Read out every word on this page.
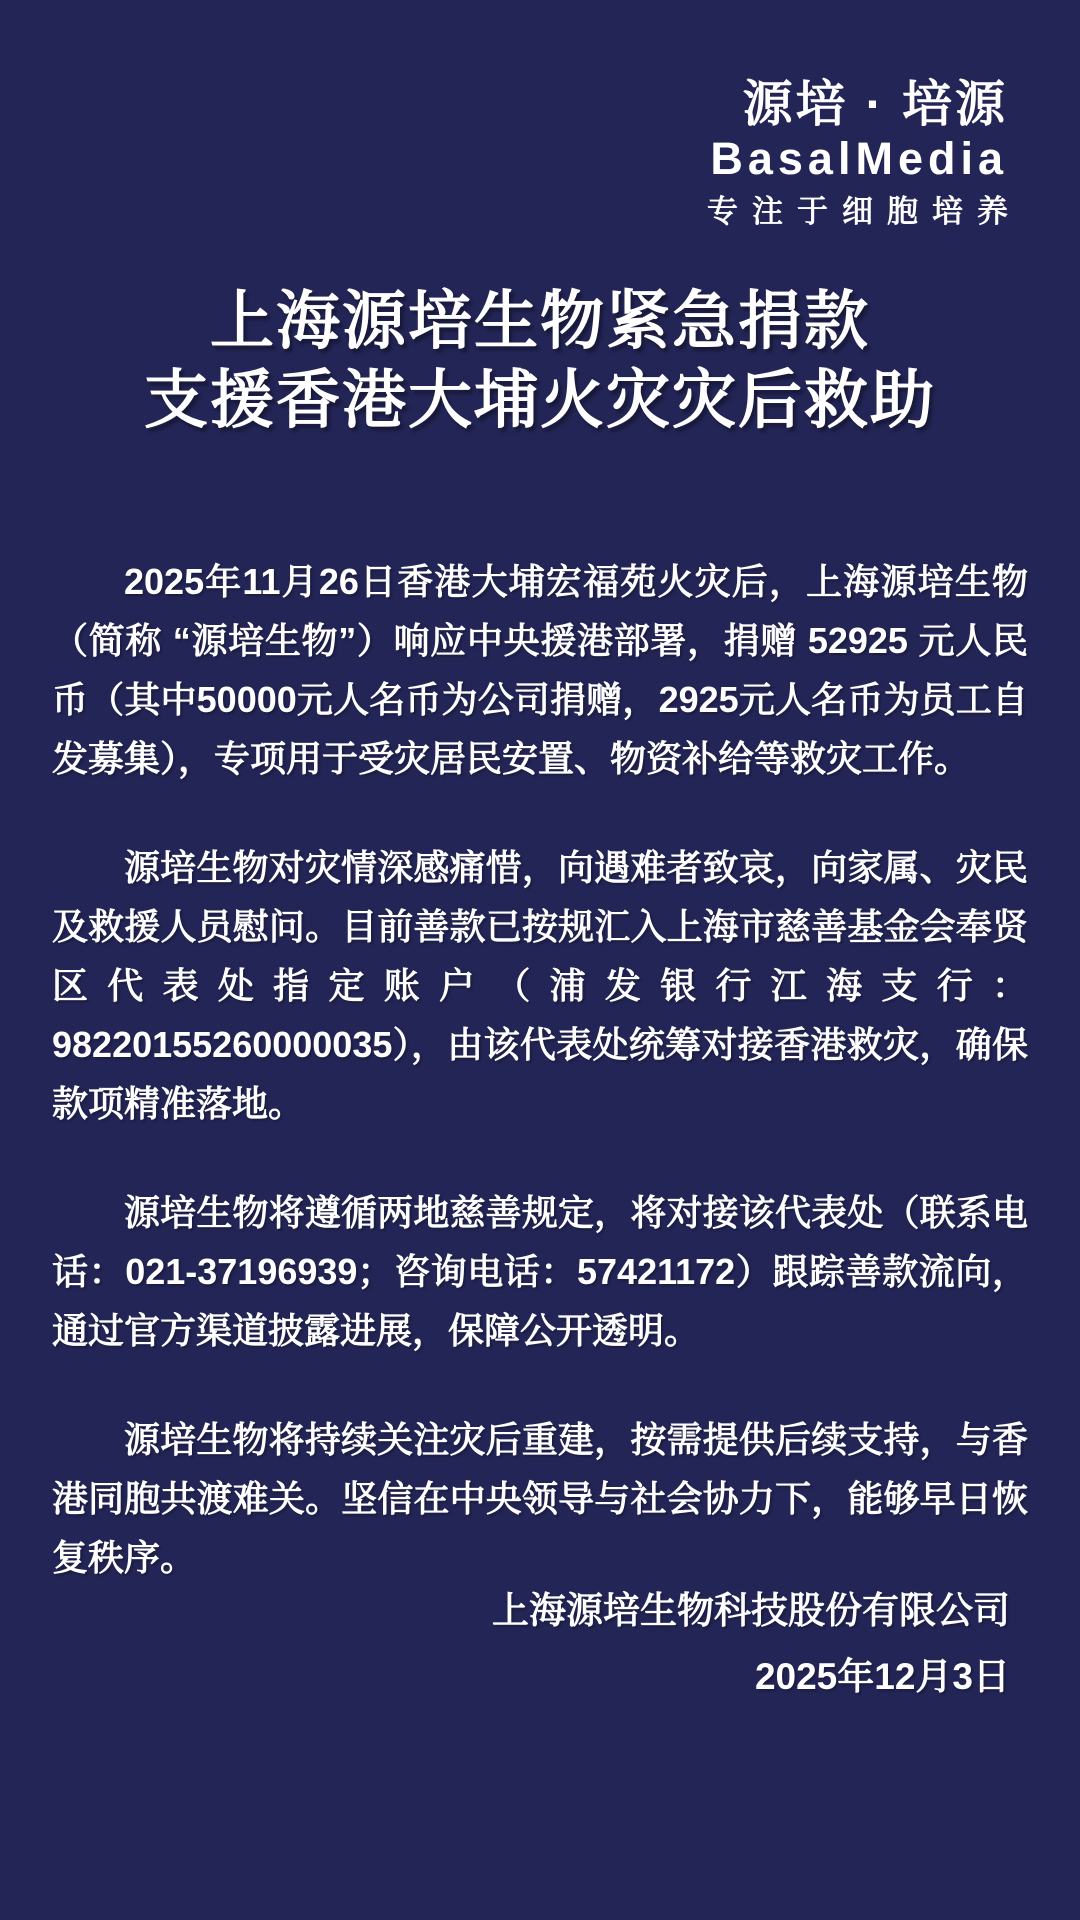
源培 · 培源
BasalMedia
专注于细胞培养
上海源培生物紧急捐款
支援香港大埔火灾灾后救助

2025年11月26日香港大埔宏福苑火灾后，上海源培生物（简称 “源培生物”）响应中央援港部署，捐赠 52925 元人民币（其中50000元人名币为公司捐赠，2925元人名币为员工自发募集），专项用于受灾居民安置、物资补给等救灾工作。

源培生物对灾情深感痛惜，向遇难者致哀，向家属、灾民及救援人员慰问。目前善款已按规汇入上海市慈善基金会奉贤区代表处指定账户（浦发银行江海支行：98220155260000035），由该代表处统筹对接香港救灾，确保款项精准落地。

源培生物将遵循两地慈善规定，将对接该代表处（联系电话：021-37196939；咨询电话：57421172）跟踪善款流向，通过官方渠道披露进展，保障公开透明。

源培生物将持续关注灾后重建，按需提供后续支持，与香港同胞共渡难关。坚信在中央领导与社会协力下，能够早日恢复秩序。

上海源培生物科技股份有限公司
2025年12月3日
